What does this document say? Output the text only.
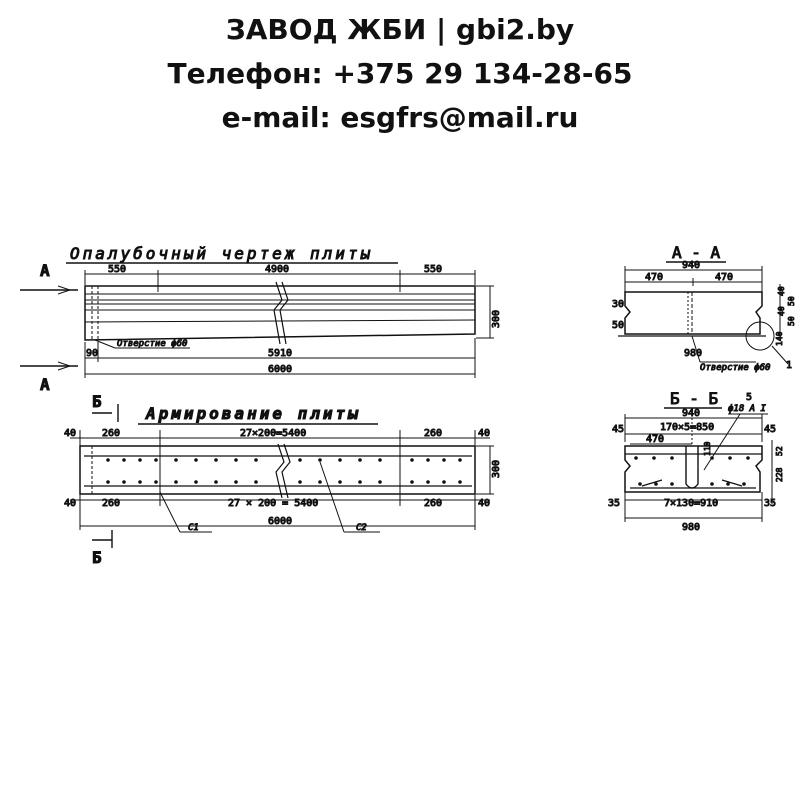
ЗАВОД ЖБИ | gbi2.by
Телефон: +375 29 134-28-65
e-mail: esgfrs@mail.ru
Опалубочный чертеж плиты
А
А
550	4900	550
300
Отверстие ф60
90	5910
6000
Б
Армирование плиты
40	260	27×200=5400	260	40
300
40	260	27 × 200 = 5400	260	40
6000
С1	С2
Б
А - А
940
470	470
30
50
40
50
40
50
140
1
980
Отверстие ф60
Б - Б	5
ф18 А I
940
45	170×5=850	45
470
110	52
228
35	7×130=910	35
980
